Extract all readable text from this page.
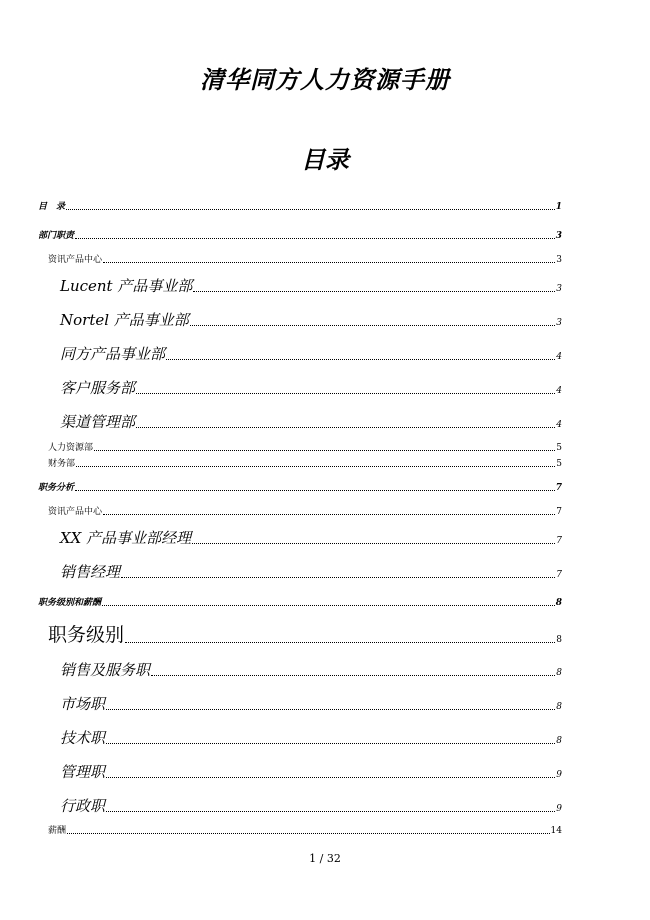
清华同方人力资源手册
目录
目　录	1
部门职责	3
资讯产品中心	3
Lucent 产品事业部	3
Nortel 产品事业部	3
同方产品事业部	4
客户服务部	4
渠道管理部	4
人力资源部	5
财务部	5
职务分析	7
资讯产品中心	7
XX 产品事业部经理	7
销售经理	7
职务级别和薪酬	8
职务级别	8
销售及服务职	8
市场职	8
技术职	8
管理职	9
行政职	9
薪酬	14
1 / 32
